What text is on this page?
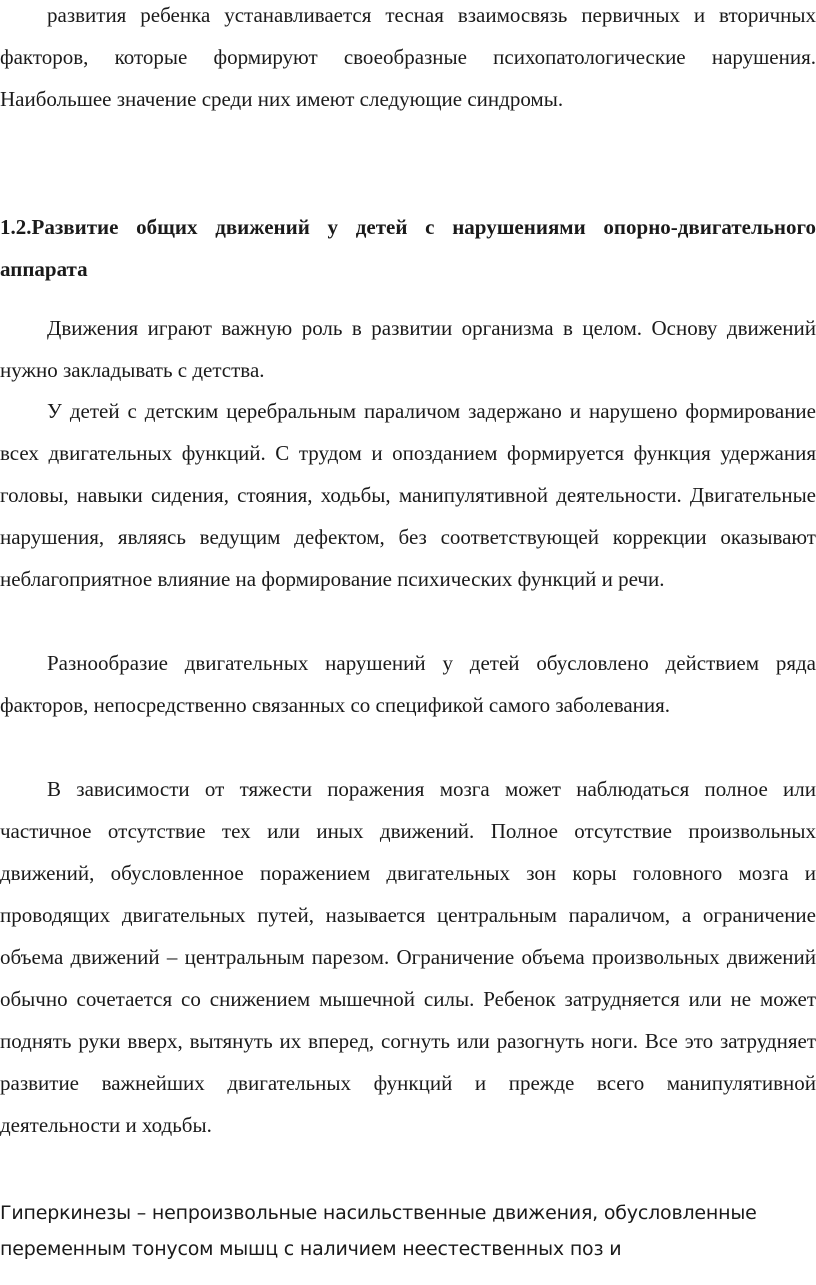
развития ребенка устанавливается тесная взаимосвязь первичных и вторичных факторов, которые формируют своеобразные психопатологические нарушения. Наибольшее значение среди них имеют следующие синдромы.

1.2.Развитие общих движений у детей с нарушениями опорно-двигательного аппарата

Движения играют важную роль в развитии организма в целом. Основу движений нужно закладывать с детства.

У детей с детским церебральным параличом задержано и нарушено формирование всех двигательных функций. С трудом и опозданием формируется функция удержания головы, навыки сидения, стояния, ходьбы, манипулятивной деятельности. Двигательные нарушения, являясь ведущим дефектом, без соответствующей коррекции оказывают неблагоприятное влияние на формирование психических функций и речи.

Разнообразие двигательных нарушений у детей обусловлено действием ряда факторов, непосредственно связанных со спецификой самого заболевания.

В зависимости от тяжести поражения мозга может наблюдаться полное или частичное отсутствие тех или иных движений. Полное отсутствие произвольных движений, обусловленное поражением двигательных зон коры головного мозга и проводящих двигательных путей, называется центральным параличом, а ограничение объема движений – центральным парезом. Ограничение объема произвольных движений обычно сочетается со снижением мышечной силы. Ребенок затрудняется или не может поднять руки вверх, вытянуть их вперед, согнуть или разогнуть ноги. Все это затрудняет развитие важнейших двигательных функций и прежде всего манипулятивной деятельности и ходьбы.

Гиперкинезы – непроизвольные насильственные движения, обусловленные переменным тонусом мышц с наличием неестественных поз и
